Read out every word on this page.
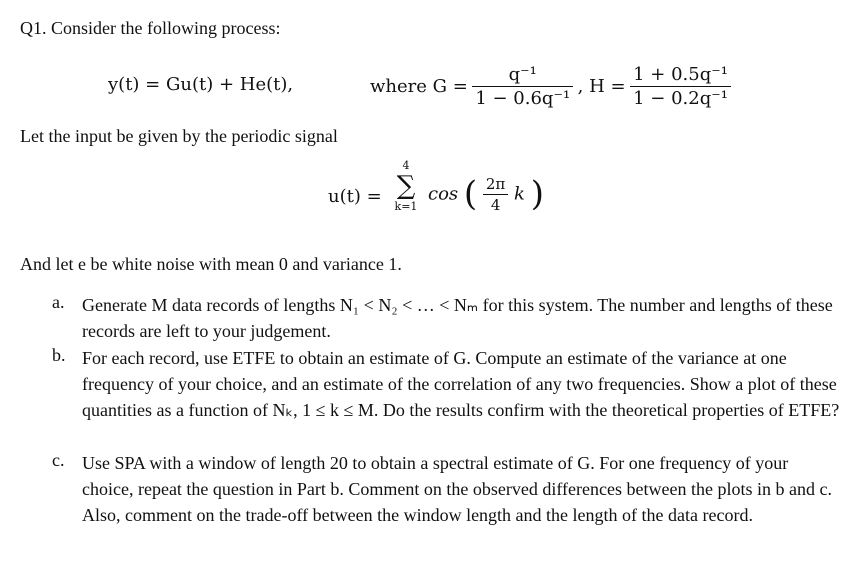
Q1. Consider the following process:
y(t) = Gu(t) + He(t),	where $G = \frac{\text{q⁻¹}}{\text{1 − 0.6q⁻¹}}$ , $H = \frac{\text{1 + 0.5q⁻¹}}{\text{1 − 0.2q⁻¹}}$
Let the input be given by the periodic signal
u(t) =
4
∑
k=1
cos ( $\frac{2\pi}{4}$ k )
And let e be white noise with mean 0 and variance 1.
a. Generate M data records of lengths N₁ < N₂ < … < Nₘ for this system. The number and lengths of these records are left to your judgement.
b. For each record, use ETFE to obtain an estimate of G. Compute an estimate of the variance at one frequency of your choice, and an estimate of the correlation of any two frequencies. Show a plot of these quantities as a function of Nₖ, 1 ≤ k ≤ M. Do the results confirm with the theoretical properties of ETFE?
c. Use SPA with a window of length 20 to obtain a spectral estimate of G. For one frequency of your choice, repeat the question in Part b. Comment on the observed differences between the plots in b and c. Also, comment on the trade-off between the window length and the length of the data record.
